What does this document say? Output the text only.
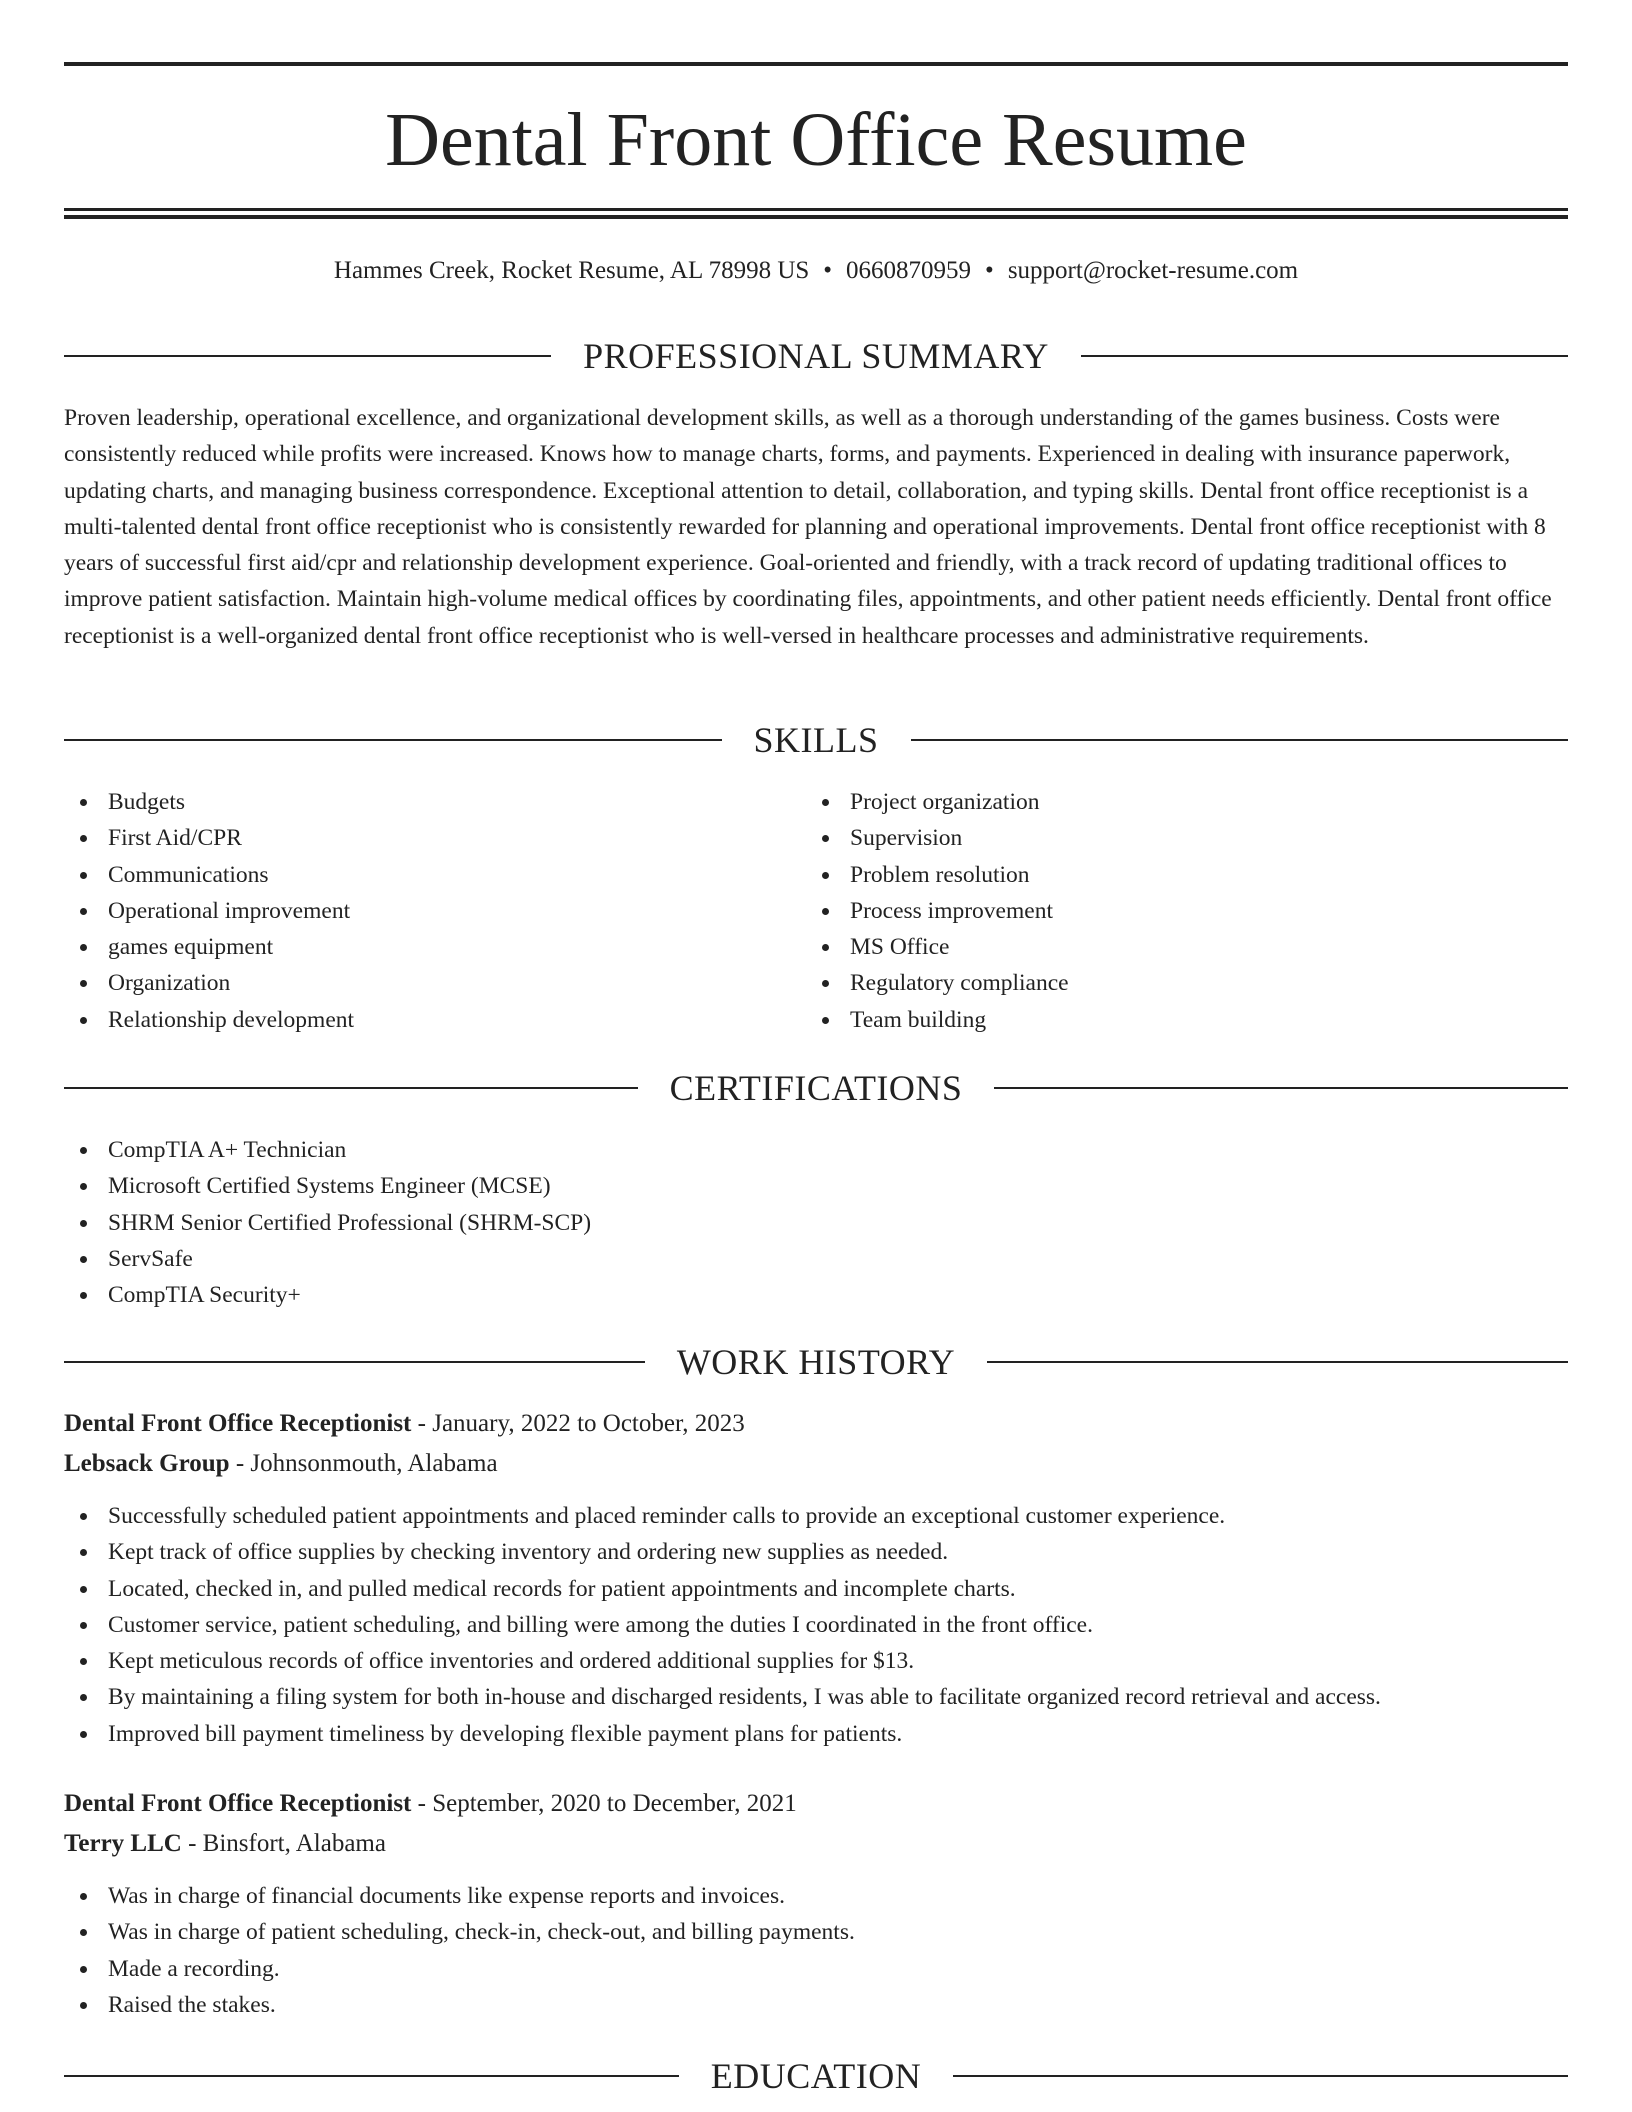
Dental Front Office Resume
Hammes Creek, Rocket Resume, AL 78998 US • 0660870959 • support@rocket-resume.com
PROFESSIONAL SUMMARY

Proven leadership, operational excellence, and organizational development skills, as well as a thorough understanding of the games business. Costs were consistently reduced while profits were increased. Knows how to manage charts, forms, and payments. Experienced in dealing with insurance paperwork, updating charts, and managing business correspondence. Exceptional attention to detail, collaboration, and typing skills. Dental front office receptionist is a multi-talented dental front office receptionist who is consistently rewarded for planning and operational improvements. Dental front office receptionist with 8 years of successful first aid/cpr and relationship development experience. Goal-oriented and friendly, with a track record of updating traditional offices to improve patient satisfaction. Maintain high-volume medical offices by coordinating files, appointments, and other patient needs efficiently. Dental front office receptionist is a well-organized dental front office receptionist who is well-versed in healthcare processes and administrative requirements.

SKILLS
Budgets
First Aid/CPR
Communications
Operational improvement
games equipment
Organization
Relationship development
Project organization
Supervision
Problem resolution
Process improvement
MS Office
Regulatory compliance
Team building
CERTIFICATIONS
CompTIA A+ Technician
Microsoft Certified Systems Engineer (MCSE)
SHRM Senior Certified Professional (SHRM-SCP)
ServSafe
CompTIA Security+
WORK HISTORY
Dental Front Office Receptionist - January, 2022 to October, 2023
Lebsack Group - Johnsonmouth, Alabama
Successfully scheduled patient appointments and placed reminder calls to provide an exceptional customer experience.
Kept track of office supplies by checking inventory and ordering new supplies as needed.
Located, checked in, and pulled medical records for patient appointments and incomplete charts.
Customer service, patient scheduling, and billing were among the duties I coordinated in the front office.
Kept meticulous records of office inventories and ordered additional supplies for $13.
By maintaining a filing system for both in-house and discharged residents, I was able to facilitate organized record retrieval and access.
Improved bill payment timeliness by developing flexible payment plans for patients.
Dental Front Office Receptionist - September, 2020 to December, 2021
Terry LLC - Binsfort, Alabama
Was in charge of financial documents like expense reports and invoices.
Was in charge of patient scheduling, check-in, check-out, and billing payments.
Made a recording.
Raised the stakes.
EDUCATION
